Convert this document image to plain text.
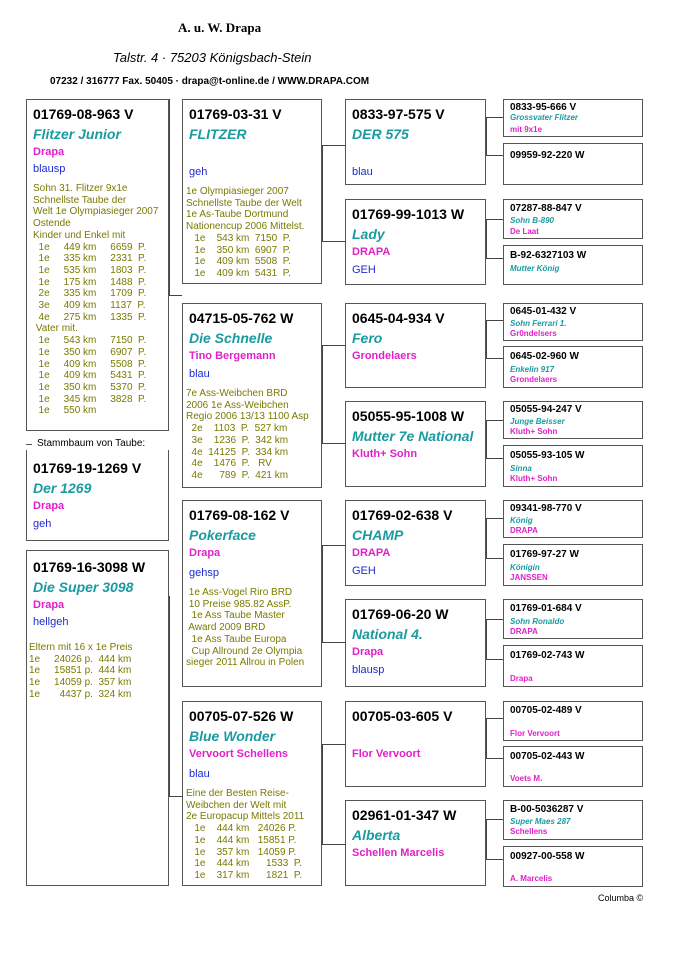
A. u. W. Drapa
Talstr. 4 · 75203 Königsbach-Stein
07232 / 316777 Fax. 50405 · drapa@t-online.de / WWW.DRAPA.COM
01769-08-963 V
Flitzer Junior
Drapa
blausp
Sohn 31. Flitzer 9x1e
Schnellste Taube der
Welt 1e Olympiasieger 2007
Ostende
Kinder und Enkel mit
1e     449 km     6659  P.
1e     335 km     2331  P.
1e     535 km     1803  P.
1e     175 km     1488  P.
2e     335 km     1709  P.
3e     409 km     1137  P.
4e     275 km     1335  P.
Vater mit.
1e     543 km     7150  P.
1e     350 km     6907  P.
1e     409 km     5508  P.
1e     409 km     5431  P.
1e     350 km     5370  P.
1e     345 km     3828  P.
1e     550 km
Stammbaum von Taube:
01769-19-1269 V
Der 1269
Drapa
geh
01769-16-3098 W
Die Super 3098
Drapa
hellgeh
Eltern mit 16 x 1e Preis
1e     24026 p.  444 km
1e     15851 p.  444 km
1e     14059 p.  357 km
1e       4437 p.  324 km
01769-03-31 V
FLITZER
geh
1e Olympiasieger 2007
Schnellste Taube der Welt
1e As-Taube Dortmund
Nationencup 2006 Mittelst.
1e    543 km  7150  P.
1e    350 km  6907  P.
1e    409 km  5508  P.
1e    409 km  5431  P.
04715-05-762 W
Die Schnelle
Tino Bergemann
blau
7e Ass-Weibchen BRD
2006 1e Ass-Weibchen
Regio 2006 13/13 1100 Asp
2e    1103  P.  527 km
3e    1236  P.  342 km
4e  14125  P.  334 km
4e    1476  P.   RV
4e      789  P.  421 km
01769-08-162 V
Pokerface
Drapa
gehsp
1e Ass-Vogel Riro BRD
10 Preise 985.82 AssP.
1e Ass Taube Master
Award 2009 BRD
1e Ass Taube Europa
Cup Allround 2e Olympia
sieger 2011 Allrou in Polen
00705-07-526 W
Blue Wonder
Vervoort Schellens
blau
Eine der Besten Reise-
Weibchen der Welt mit
2e Europacup Mittels 2011
1e    444 km   24026 P.
1e    444 km   15851 P.
1e    357 km   14059 P.
1e    444 km      1533  P.
1e    317 km      1821  P.
0833-97-575 V
DER 575
blau
01769-99-1013 W
Lady
DRAPA
GEH
0645-04-934 V
Fero
Grondelaers
05055-95-1008 W
Mutter 7e National
Kluth+ Sohn
01769-02-638 V
CHAMP
DRAPA
GEH
01769-06-20 W
National 4.
Drapa
blausp
00705-03-605 V
Flor Vervoort
02961-01-347 W
Alberta
Schellen Marcelis
0833-95-666 V
Grossvater Flitzer
mit 9x1e
09959-92-220 W
07287-88-847 V
Sohn B-890
De Laat
B-92-6327103 W
Mutter König
0645-01-432 V
Sohn Ferrari 1.
Gr0ndelsers
0645-02-960 W
Enkelin 917
Grondelaers
05055-94-247 V
Junge Beisser
Kluth+ Sohn
05055-93-105 W
Sinna
Kluth+ Sohn
09341-98-770 V
König
DRAPA
01769-97-27 W
Königin
JANSSEN
01769-01-684 V
Sohn Ronaldo
DRAPA
01769-02-743 W
Drapa
00705-02-489 V
Flor Vervoort
00705-02-443 W
Voets M.
B-00-5036287 V
Super Maes 287
Schellens
00927-00-558 W
A. Marcelis
Columba ©
